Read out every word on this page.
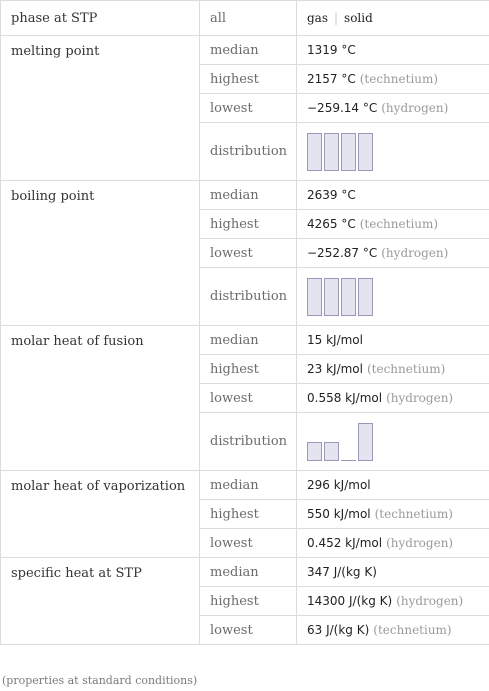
phase at STP	all	gas | solid
melting point	median	1319 °C
	highest	2157 °C (technetium)
	lowest	−259.14 °C (hydrogen)
	distribution	

boiling point	median	2639 °C
	highest	4265 °C (technetium)
	lowest	−252.87 °C (hydrogen)
	distribution	

molar heat of fusion	median	15 kJ/mol
	highest	23 kJ/mol (technetium)
	lowest	0.558 kJ/mol (hydrogen)
	distribution	

molar heat of vaporization	median	296 kJ/mol
	highest	550 kJ/mol (technetium)
	lowest	0.452 kJ/mol (hydrogen)
specific heat at STP	median	347 J/(kg K)
	highest	14300 J/(kg K) (hydrogen)
	lowest	63 J/(kg K) (technetium)
(properties at standard conditions)
